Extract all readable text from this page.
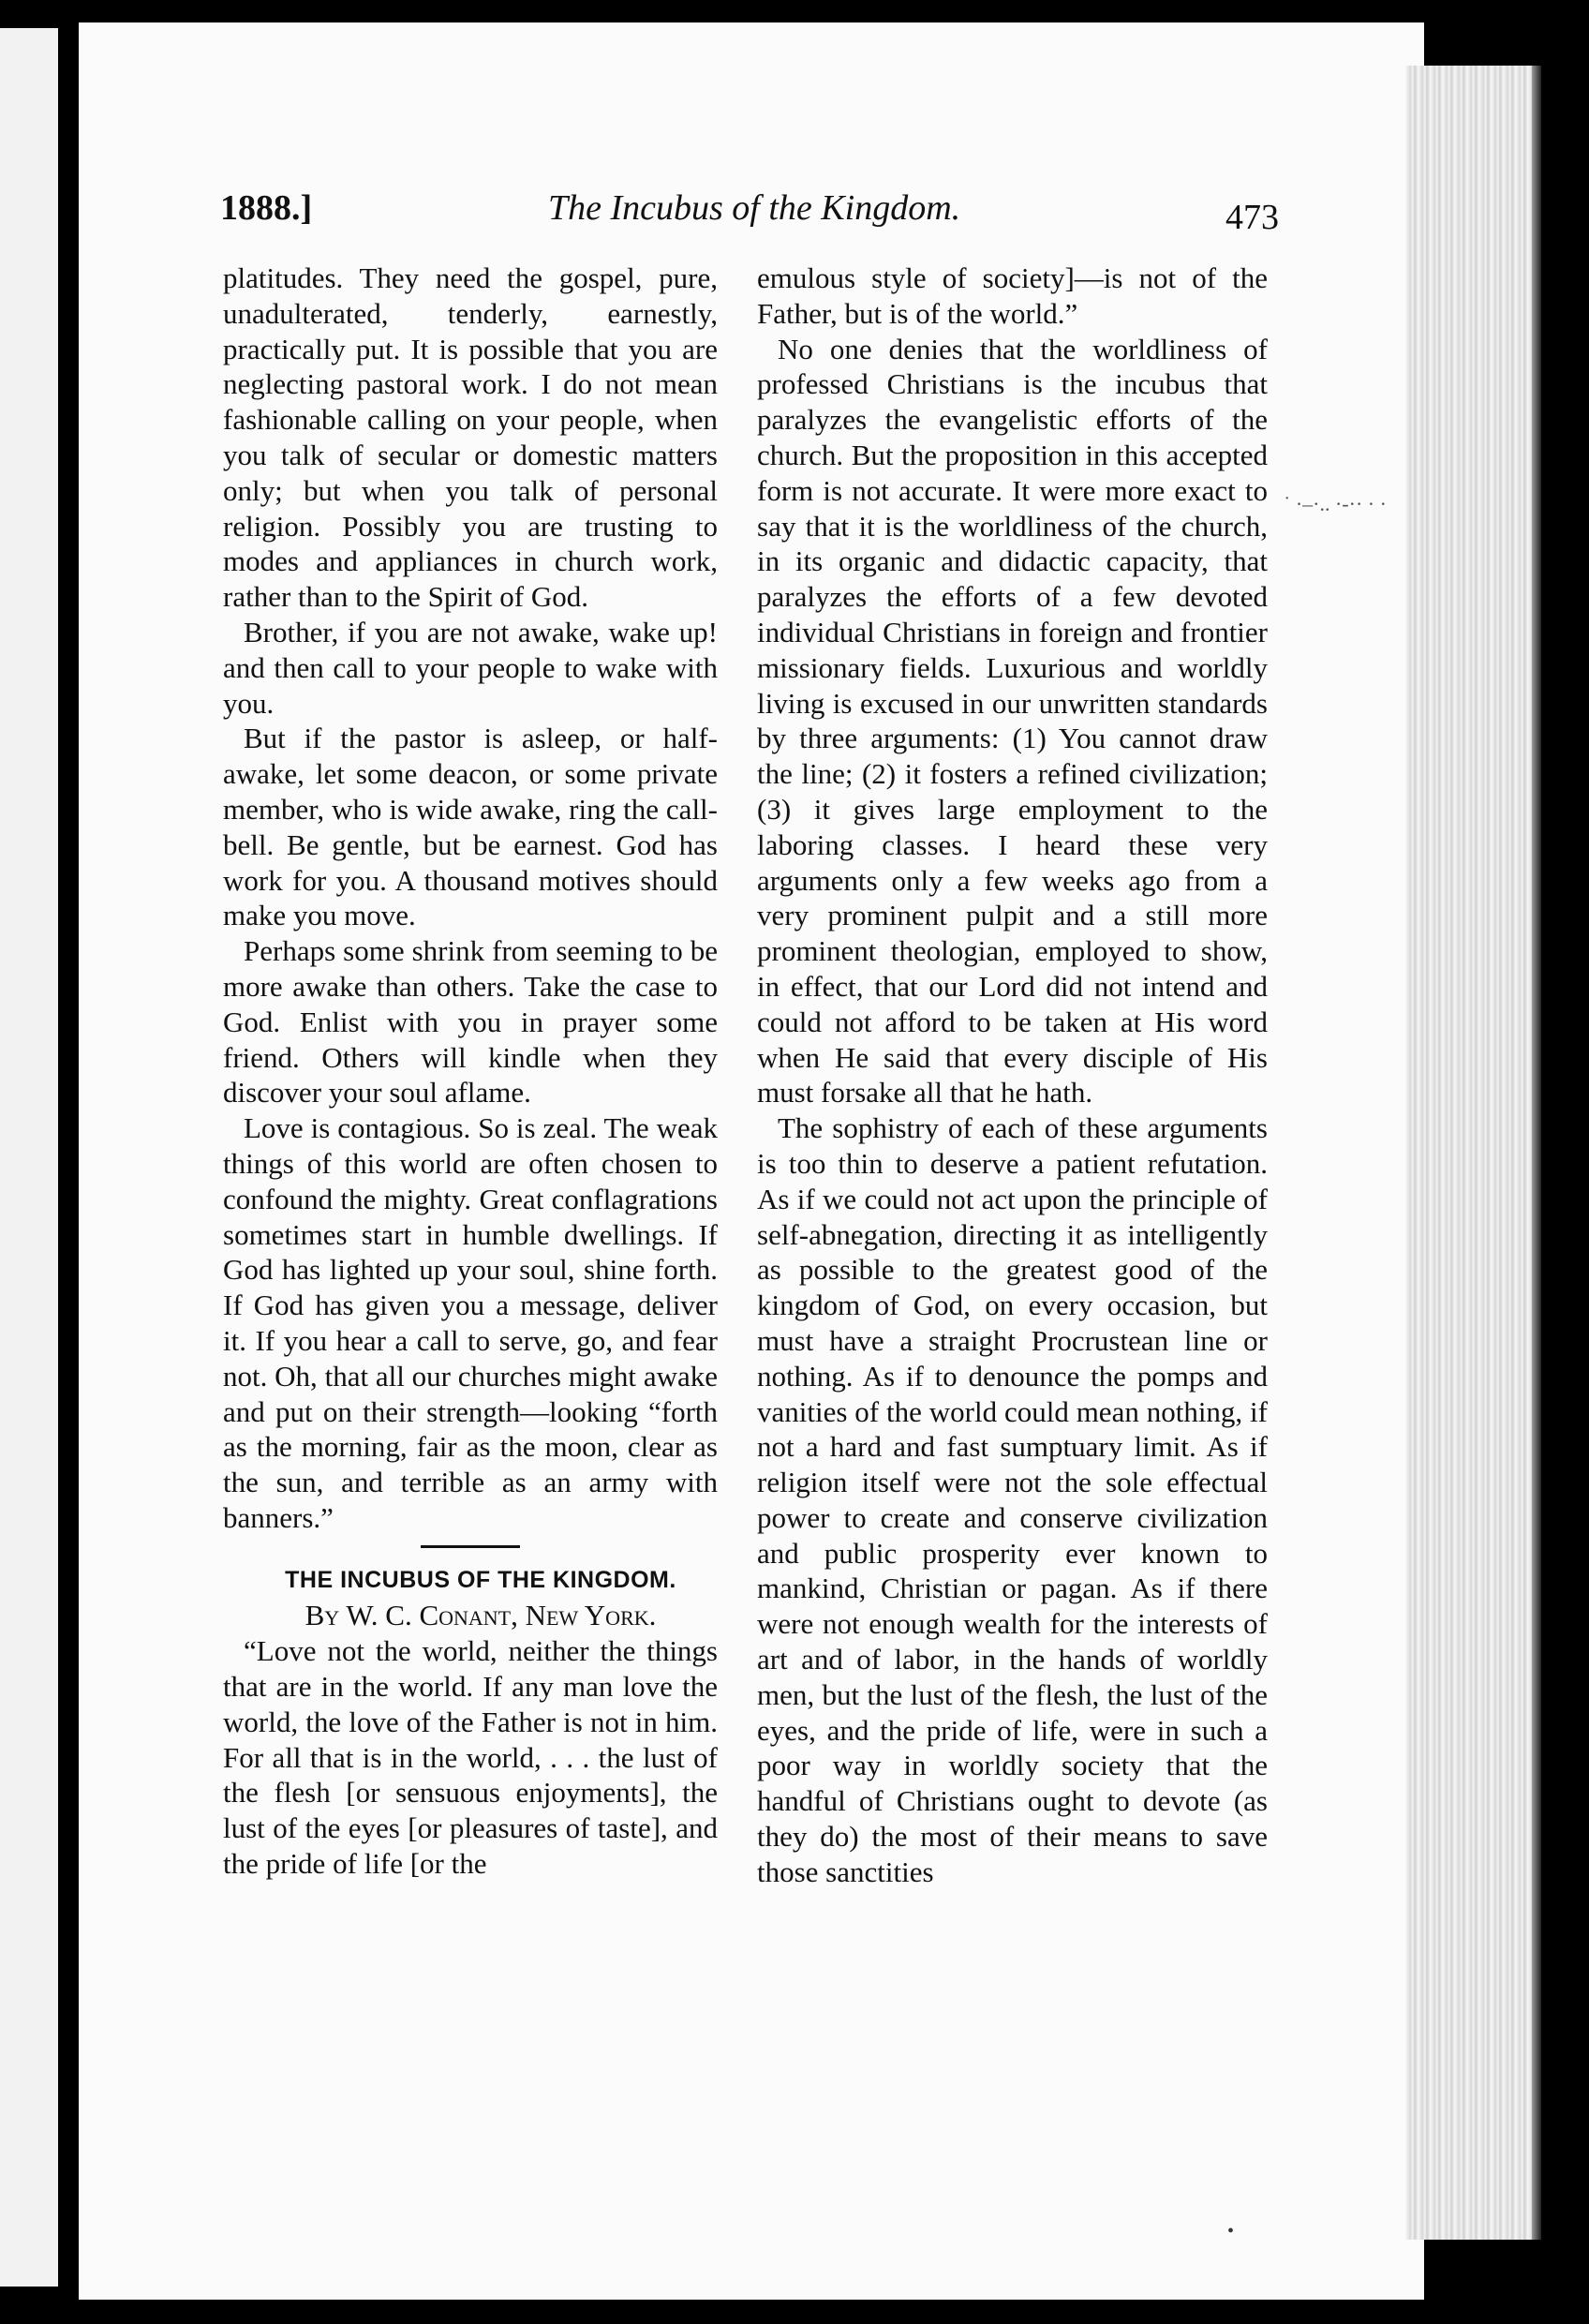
1888.]	The Incubus of the Kingdom.	473

platitudes. They need the gospel, pure, unadulterated, tenderly, earnestly, practically put. It is possible that you are neglecting pastoral work. I do not mean fashionable calling on your people, when you talk of secular or domestic matters only; but when you talk of personal religion. Possibly you are trusting to modes and appliances in church work, rather than to the Spirit of God.

Brother, if you are not awake, wake up! and then call to your people to wake with you.

But if the pastor is asleep, or half-awake, let some deacon, or some private member, who is wide awake, ring the call-bell. Be gentle, but be earnest. God has work for you. A thousand motives should make you move.

Perhaps some shrink from seeming to be more awake than others. Take the case to God. Enlist with you in prayer some friend. Others will kindle when they discover your soul aflame.

Love is contagious. So is zeal. The weak things of this world are often chosen to confound the mighty. Great conflagrations sometimes start in humble dwellings. If God has lighted up your soul, shine forth. If God has given you a message, deliver it. If you hear a call to serve, go, and fear not. Oh, that all our churches might awake and put on their strength—looking “forth as the morning, fair as the moon, clear as the sun, and terrible as an army with banners.”

THE INCUBUS OF THE KINGDOM.

By W. C. Conant, New York.

“Love not the world, neither the things that are in the world. If any man love the world, the love of the Father is not in him. For all that is in the world, . . . the lust of the flesh [or sensuous enjoyments], the lust of the eyes [or pleasures of taste], and the pride of life [or the

emulous style of society]—is not of the Father, but is of the world.”

No one denies that the worldliness of professed Christians is the incubus that paralyzes the evangelistic efforts of the church. But the proposition in this accepted form is not accurate. It were more exact to say that it is the worldliness of the church, in its organic and didactic capacity, that paralyzes the efforts of a few devoted individual Christians in foreign and frontier missionary fields. Luxurious and worldly living is excused in our unwritten standards by three arguments: (1) You cannot draw the line; (2) it fosters a refined civilization; (3) it gives large employment to the laboring classes. I heard these very arguments only a few weeks ago from a very prominent pulpit and a still more prominent theologian, employed to show, in effect, that our Lord did not intend and could not afford to be taken at His word when He said that every disciple of His must forsake all that he hath.

The sophistry of each of these arguments is too thin to deserve a patient refutation. As if we could not act upon the principle of self-abnegation, directing it as intelligently as possible to the greatest good of the kingdom of God, on every occasion, but must have a straight Procrustean line or nothing. As if to denounce the pomps and vanities of the world could mean nothing, if not a hard and fast sumptuary limit. As if religion itself were not the sole effectual power to create and conserve civilization and public prosperity ever known to mankind, Christian or pagan. As if there were not enough wealth for the interests of art and of labor, in the hands of worldly men, but the lust of the flesh, the lust of the eyes, and the pride of life, were in such a poor way in worldly society that the handful of Christians ought to devote (as they do) the most of their means to save those sanctities

˙ ·–·.. ·-·· · ·
•
